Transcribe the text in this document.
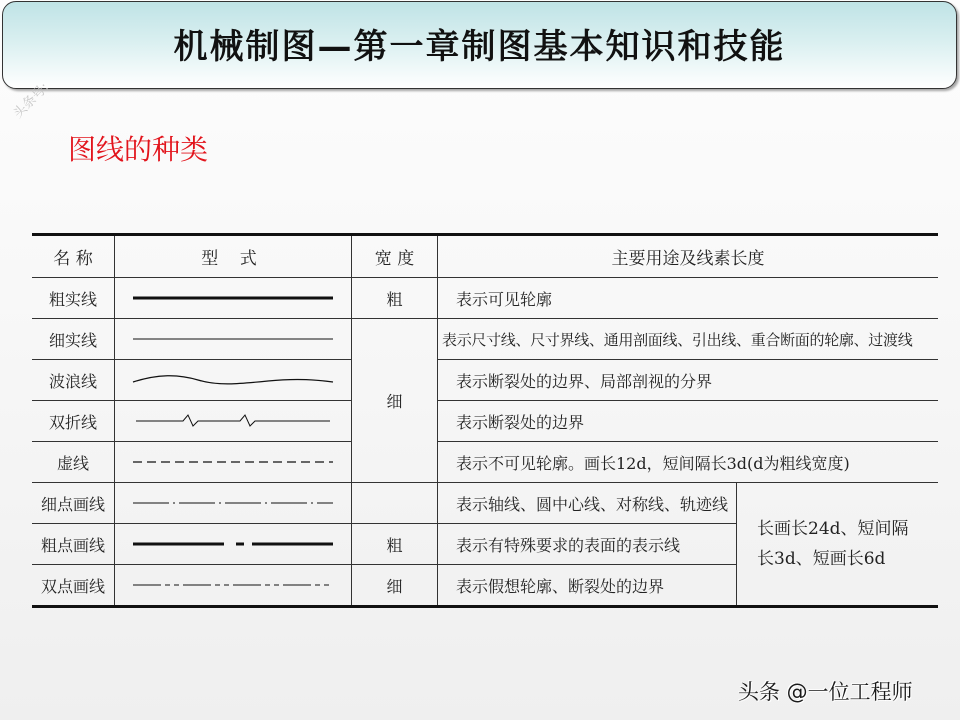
机械制图—第一章制图基本知识和技能
头条号:
图线的种类
名 称	型 式	宽 度	主要用途及线素长度	
粗实线		粗	表示可见轮廓	
细实线		细	表示尺寸线、尺寸界线、通用剖面线、引出线、重合断面的轮廓、过渡线	
波浪线			表示断裂处的边界、局部剖视的分界	
双折线			表示断裂处的边界	
虚线			表示不可见轮廓。画长12d，短间隔长3d(d为粗线宽度)	
细点画线			表示轴线、圆中心线、对称线、轨迹线	长画长24d、短间隔
长3d、短画长6d

粗点画线		粗	表示有特殊要求的表面的表示线	
双点画线		细	表示假想轮廓、断裂处的边界	
头条 @一位工程师
